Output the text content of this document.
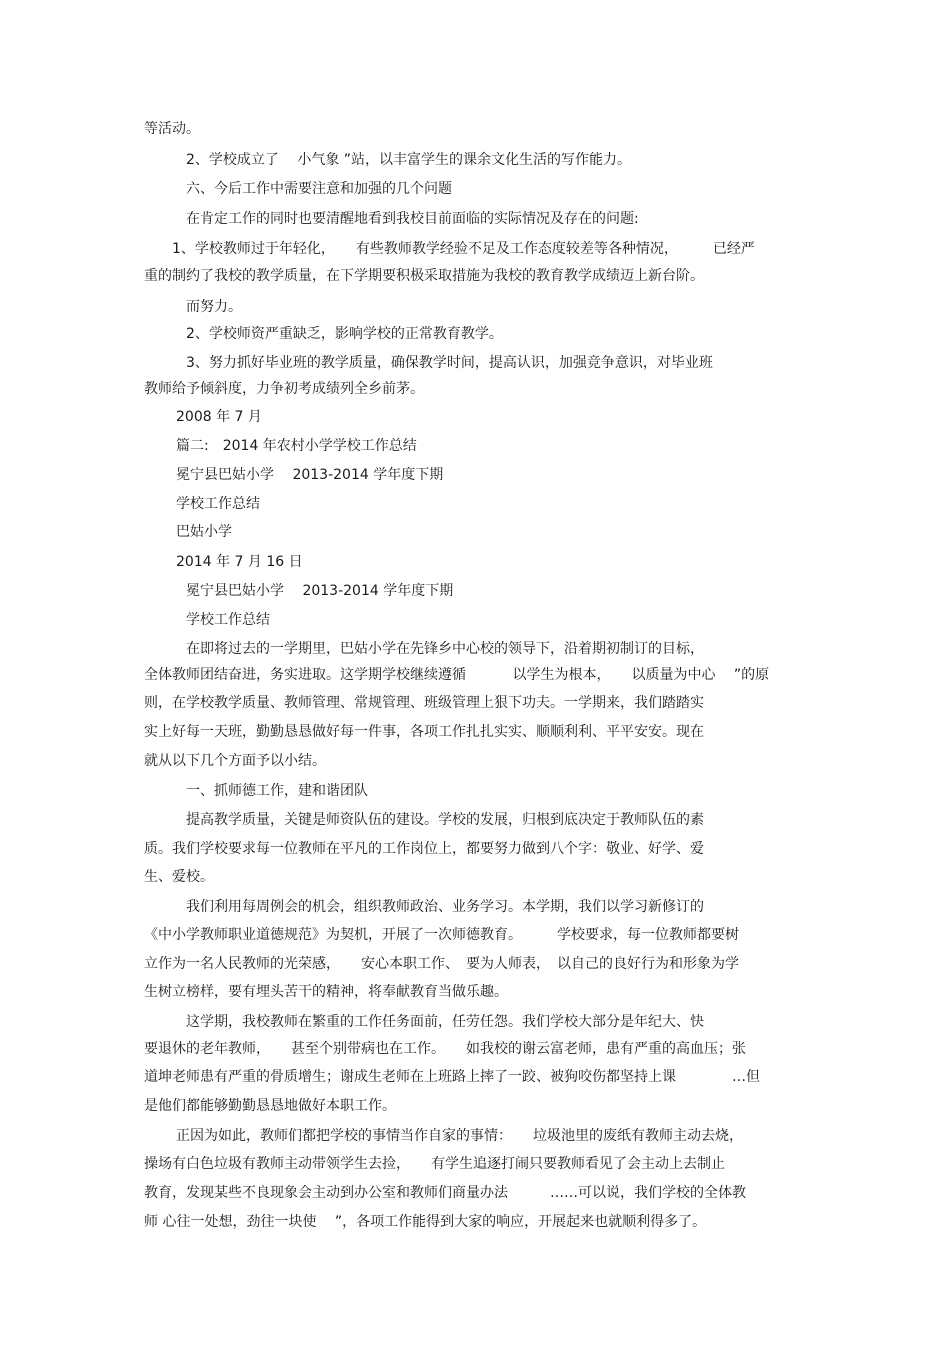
等活动。
2、学校成立了　 小气象 ”站，以丰富学生的课余文化生活的写作能力。
六、今后工作中需要注意和加强的几个问题
在肯定工作的同时也要清醒地看到我校目前面临的实际情况及存在的问题:
1、学校教师过于年轻化，　　有些教师教学经验不足及工作态度较差等各种情况，　　　已经严
重的制约了我校的教学质量，在下学期要积极采取措施为我校的教育教学成绩迈上新台阶。
而努力。
2、学校师资严重缺乏，影响学校的正常教育教学。
3、努力抓好毕业班的教学质量，确保教学时间，提高认识，加强竞争意识，对毕业班
教师给予倾斜度，力争初考成绩列全乡前茅。
2008 年 7 月
篇二:　2014 年农村小学学校工作总结
冕宁县巴姑小学　 2013-2014 学年度下期
学校工作总结
巴姑小学
2014 年 7 月 16 日
冕宁县巴姑小学　 2013-2014 学年度下期
学校工作总结
在即将过去的一学期里，巴姑小学在先锋乡中心校的领导下，沿着期初制订的目标，
全体教师团结奋进，务实进取。这学期学校继续遵循　　　 以学生为根本，　　以质量为中心　 ”的原
则，在学校教学质量、教师管理、常规管理、班级管理上狠下功夫。一学期来，我们踏踏实
实上好每一天班，勤勤恳恳做好每一件事，各项工作扎扎实实、顺顺利利、平平安安。现在
就从以下几个方面予以小结。
一、抓师德工作，建和谐团队
提高教学质量，关键是师资队伍的建设。学校的发展，归根到底决定于教师队伍的素
质。我们学校要求每一位教师在平凡的工作岗位上，都要努力做到八个字：敬业、好学、爱
生、爱校。
我们利用每周例会的机会，组织教师政治、业务学习。本学期，我们以学习新修订的
《中小学教师职业道德规范》为契机，开展了一次师德教育。　　　学校要求，每一位教师都要树
立作为一名人民教师的光荣感，　　安心本职工作、　要为人师表，　以自己的良好行为和形象为学
生树立榜样，要有埋头苦干的精神，将奉献教育当做乐趣。
这学期，我校教师在繁重的工作任务面前，任劳任怨。我们学校大部分是年纪大、快
要退休的老年教师，　　甚至个别带病也在工作。　　如我校的谢云富老师，患有严重的高血压；张
道坤老师患有严重的骨质增生；谢成生老师在上班路上摔了一跤、被狗咬伤都坚持上课　　　　…但
是他们都能够勤勤恳恳地做好本职工作。
正因为如此，教师们都把学校的事情当作自家的事情：　　垃圾池里的废纸有教师主动去烧，
操场有白色垃圾有教师主动带领学生去捡，　　有学生追逐打闹只要教师看见了会主动上去制止
教育，发现某些不良现象会主动到办公室和教师们商量办法　　　……可以说，我们学校的全体教
师 心往一处想，劲往一块使　 ”，各项工作能得到大家的响应，开展起来也就顺利得多了。
